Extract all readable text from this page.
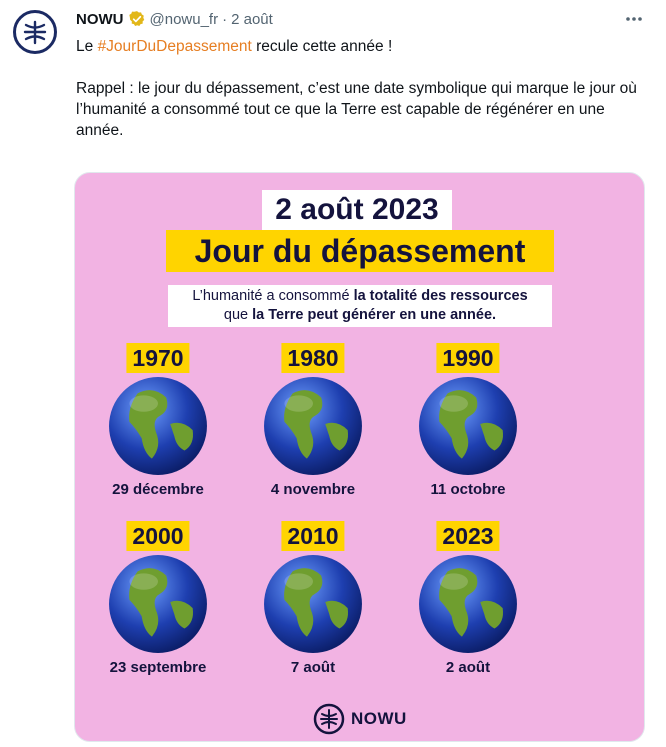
NOWU @nowu_fr · 2 août

Le #JourDuDepassement recule cette année !

Rappel : le jour du dépassement, c’est une date symbolique qui marque le jour où l’humanité a consommé tout ce que la Terre est capable de régénérer en une année.

2 août 2023
Jour du dépassement
L’humanité a consommé la totalité des ressources
que la Terre peut générer en une année.
1970
29 décembre
1980
4 novembre
1990
11 octobre
2000
23 septembre
2010
7 août
2023
2 août
NOWU
